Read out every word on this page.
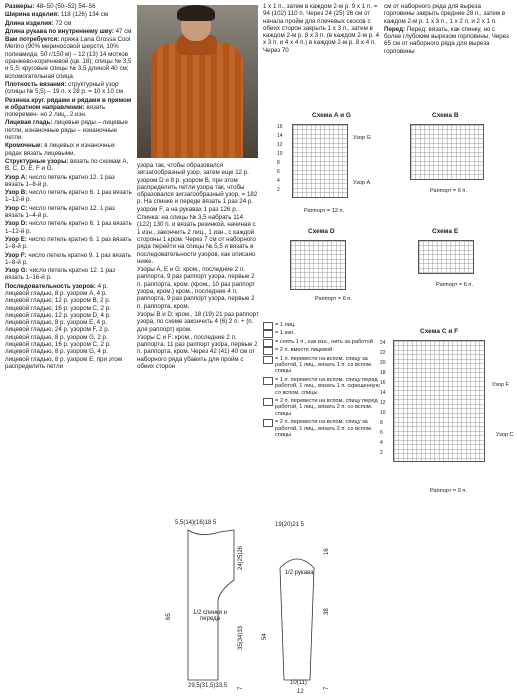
Размеры: 48–50 (50–52) 54–56

Ширина изделия: 118 (126) 134 см

Длина изделия: 72 см

Длина рукава по внутреннему шву: 47 см

Вам потребуется: пряжа Lana Grossa Cool Merino (90% мериносовой шерсти, 10% полиамида; 50 г/150 м) – 12 (13) 14 мотков оранжево-коричневой (цв. 18); спицы № 3,5 и 5,5; круговые спицы № 3,5 длиной 40 см; вспомогательная спица.

Плотность вязания: структурный узор (спицы № 5,5) – 19 п. х 28 р. = 10 х 10 см

Резинка круг. рядами и рядами в прямом и обратном направлении: вязать поперемен- но 2 лиц., 2 изн.

Лицевая гладь: лицевые ряды – лицевые петли, изнаночные ряды – изнаночные петли.

Кромочные: в лицевых и изнаночных рядах вязать лицевыми.

Структурные узоры: вязать по схемам A, B, C, D, E, F и G.

Узор A: число петель кратно 12. 1 раз вязать 1–8-й р.

Узор B: число петель кратно 6. 1 раз вязать 1–12-й р.

Узор C: число петель кратно 12. 1 раз вязать 1–4-й р.

Узор D: число петель кратно 6. 1 раз вязать 1–12-й р.

Узор E: число петель кратно 6. 1 раз вязать 1–8-й р.

Узор F: число петель кратно 9. 1 раз вязать 1–8-й р.

Узор G: число петель кратно 12. 1 раз вязать 1–16-й р.

Последовательность узоров: 4 р. лицевой гладью, 8 р. узором A, 4 р. лицевой гладью, 12 р. узором B, 2 р. лицевой гладью, 16 р. узором C, 2 р. лицевой гладью, 12 р. узором D, 4 р. лицевой гладью, 8 р. узором E, 4 р. лицевой гладью, 24 р. узором F, 2 р. лицевой гладью, 8 р. узором G, 2 р. лицевой гладью, 16 р. узором C, 2 р. лицевой гладью, 8 р. узором G, 4 р. лицевой гладью, 8 р. узором E, при этом распределить петли

узора так, чтобы образовался зигзагообразный узор, затем еще 12 р. узором D и 8 р. узором B, при этом распределить петли узора так, чтобы образовался зигзагообразный узор, = 182 р. На спинке и переде вязать 1 раз 24 р. узором F, а на рукавах 1 раз 126 р.

Спинка: на спицы № 3,5 набрать 114 (122) 130 п. и вязать резинкой, начиная с 1 изн., закончить 2 лиц., 1 изн., с каждой стороны 1 кром. Через 7 см от наборного ряда перейти на спицы № 5,5 и вязать в последовательности узоров, как описано ниже.

Узоры A, E и G: кром., последние 2 п. раппорта, 9 раз раппорт узора, первые 2 п. раппорта, кром. (кром., 10 раз раппорт узора, кром.) кром., последние 4 п. раппорта, 9 раз раппорт узора, первые 2 п. раппорта, кром.

Узоры B и D: кром., 18 (19) 21 раз раппорт узора, по схеме закончить 4 (6) 2 п. + (п. для раппорт) кром.

Узоры C и F: кром., последние 2 п. раппорта, 11 раз раппорт узора, первые 2 п. раппорта, кром. Через 42 (41) 40 см от наборного ряда убавить для пройм с обеих сторон

1 х 1 п., затем в каждом 2-м р. 9 х 1 п. = 94 (102) 110 п. Через 24 (25) 26 см от начала пройм для плечевых скосов с обеих сторон закрыть 1 х 3 п., затем в каждом 2-м р. 8 х 3 п. (в каждом 2-м р. 4 х 3 п. и 4 х 4 п.) в каждом 2-м р. 8 х 4 п. Через 70

см от наборного ряда для выреза горловины закрыть средние 28 п., затем в каждом 2-м р. 1 х 3 п., 1 х 2 п. и 2 х 1 п.

Перед: Перед: вязать, как спинку, но с более глубоким вырезом горловины. Через 65 см от наборного ряда для выреза горловины

Схема A и G
16
14
12
10
8
6
4
2
Узор G
Узор A
Раппорт = 12 п.
Схема B
Раппорт = 6 п.
Схема D
Раппорт = 6 п.
Схема E
Раппорт = 6 п.
= 1 лиц.
= 1 изн.
= снять 1 п., как изн., нить за работой
= 2 п. вместе лицевой
= 1 п. перевести на вспом. спицу за работой, 1 лиц., вязать 1 п. со вспом. спицы
= 1 п. перевести на вспом. спицу перед работой, 1 лиц., вязать 1 п. скрещенную со вспом. спицы
= 2 п. перевести на вспом. спицу перед работой, 1 лиц., вязать 2 п. со вспом. спицы
= 2 п. перевести на вспом. спицу за работой, 1 лиц., вязать 2 п. со вспом. спицы
Схема C и F
24
22
20
18
16
14
12
10
8
6
4
2
Узор F
Узор C
Раппорт = 9 п.
5,5(14)(16)18 5
1/2 спинки и переда
29,5(31,5)33,5
65
24(25)26
35(34)33
7
19(20)21 5
1/2 рукава
10(11)
12
54
38
16
7
